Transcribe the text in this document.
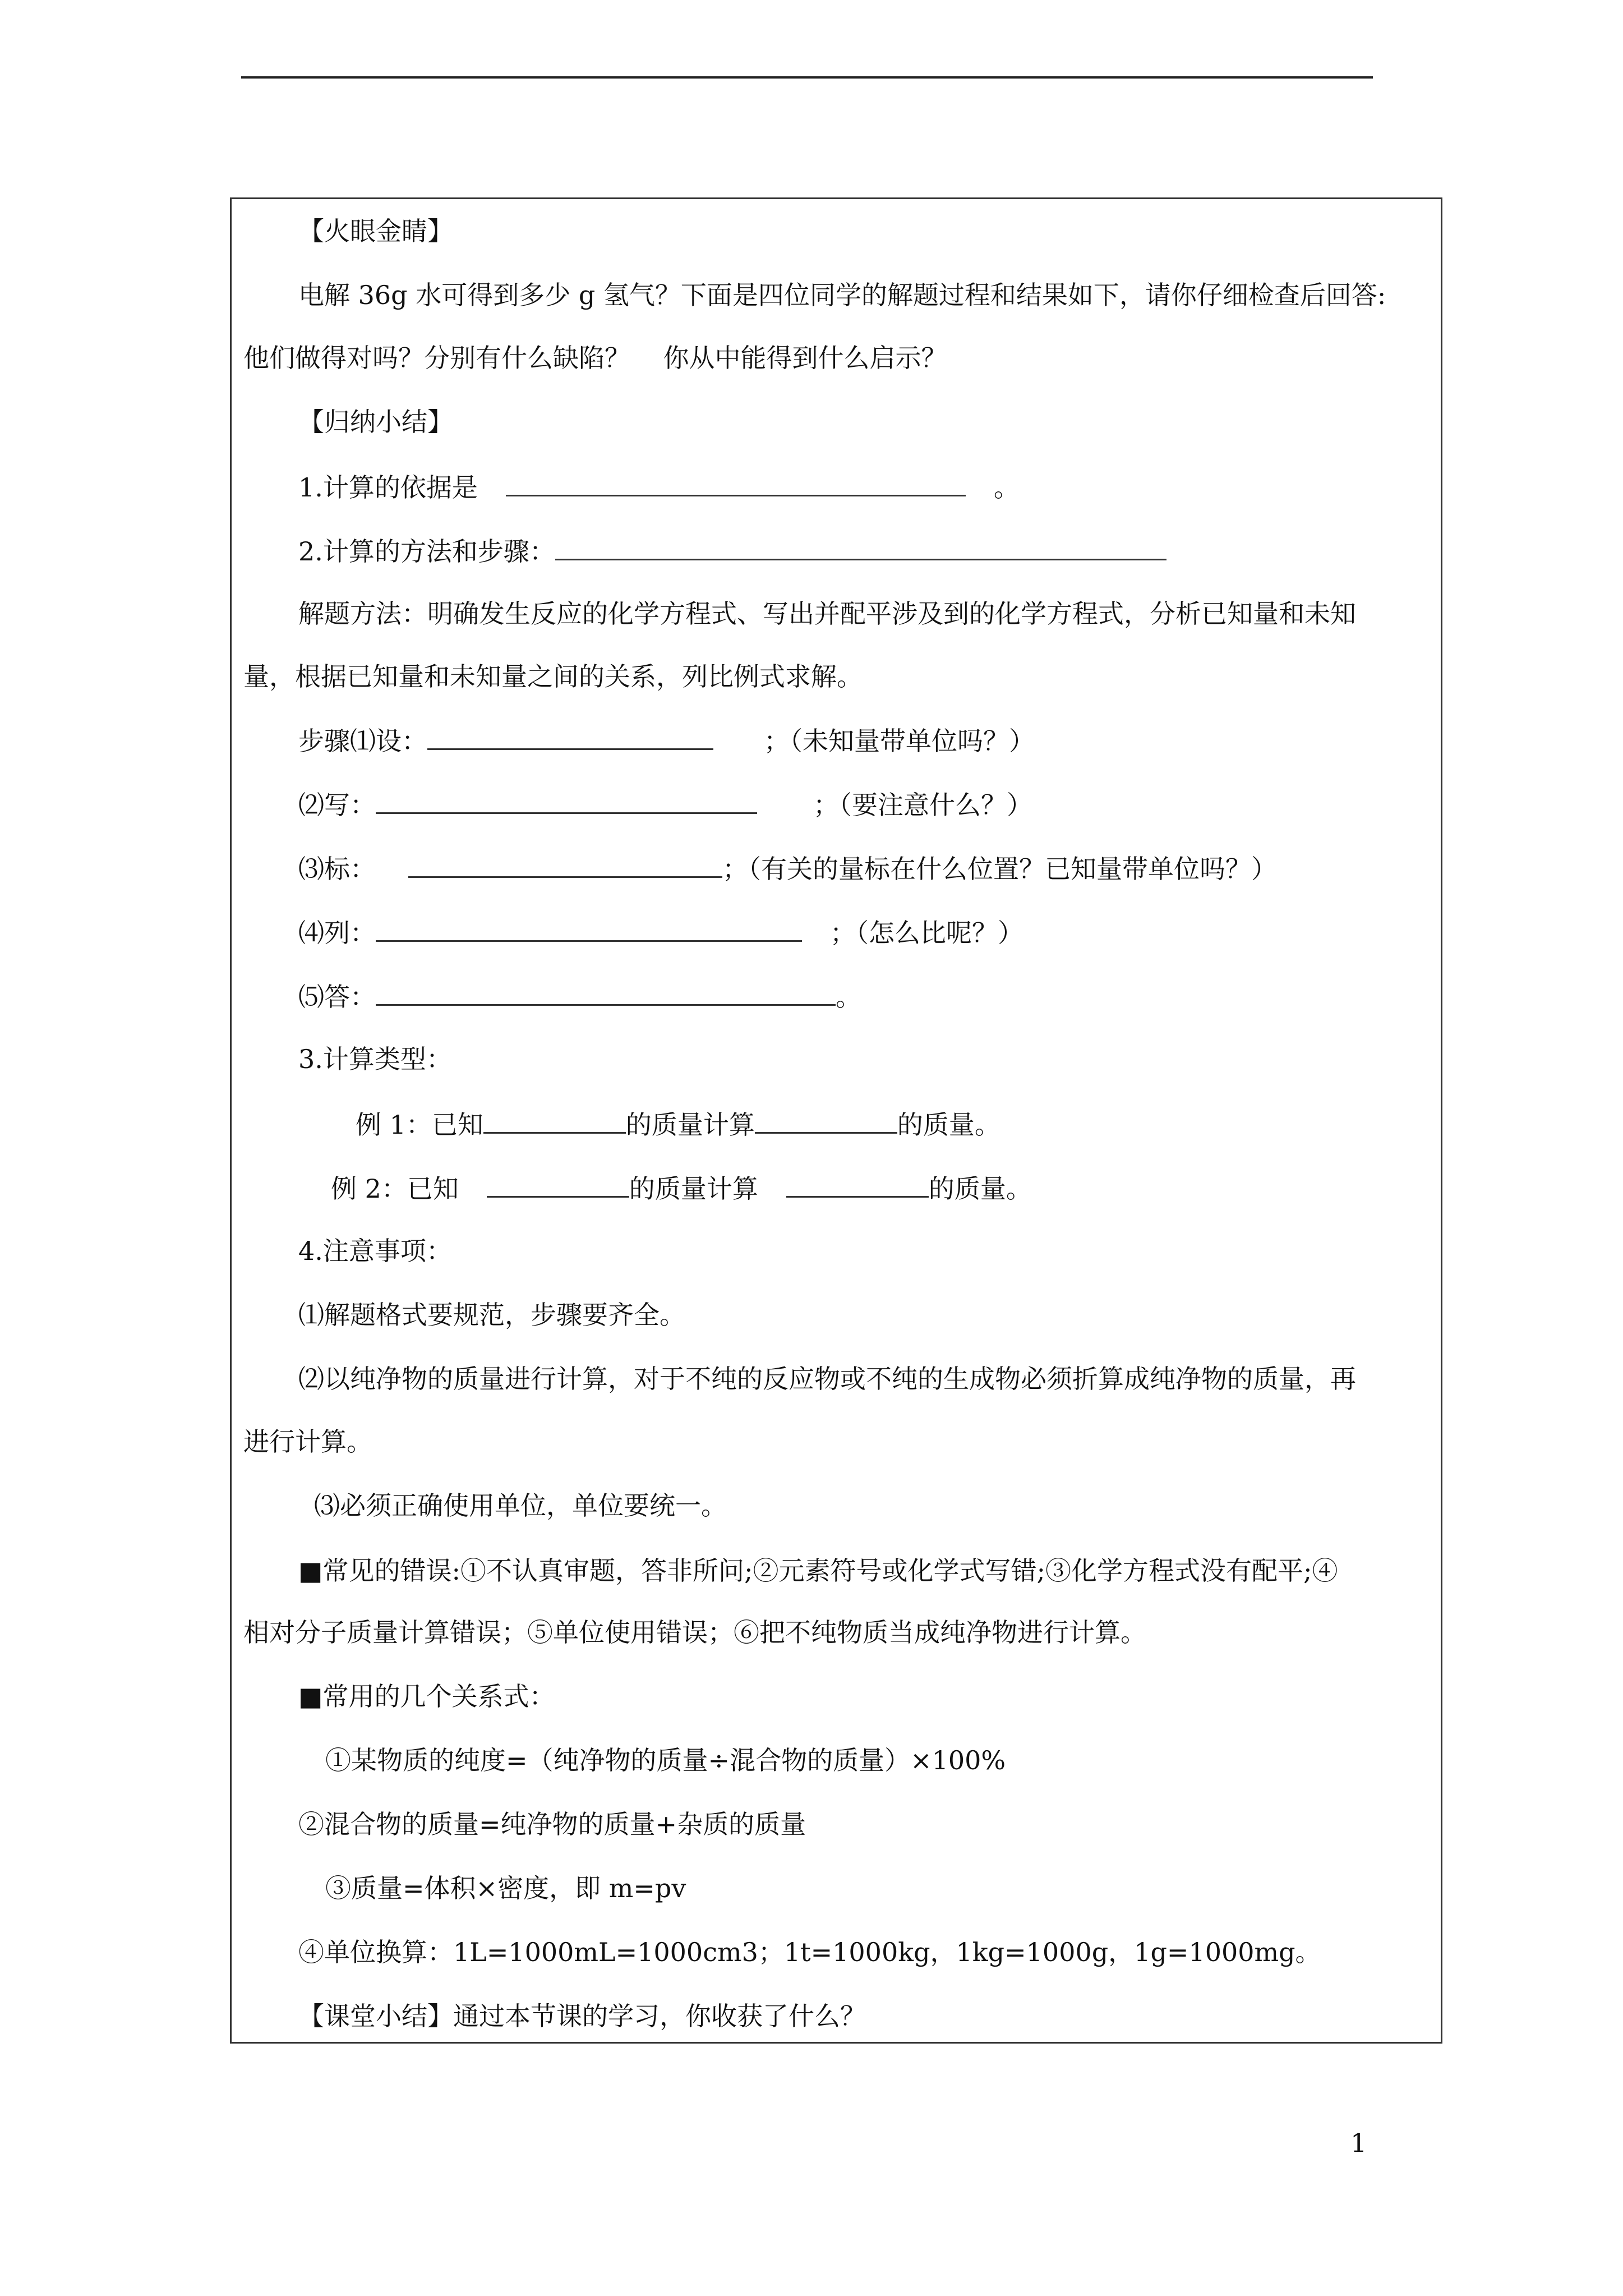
【火眼金睛】
电解 36g 水可得到多少 g 氢气？下面是四位同学的解题过程和结果如下，请你仔细检查后回答:
他们做得对吗？分别有什么缺陷？    你从中能得到什么启示？
【归纳小结】
1.计算的依据是	。
2.计算的方法和步骤：
解题方法：明确发生反应的化学方程式、写出并配平涉及到的化学方程式，分析已知量和未知
量，根据已知量和未知量之间的关系，列比例式求解。
步骤⑴设：	；（未知量带单位吗？）
⑵写：	；（要注意什么？）
⑶标：	；（有关的量标在什么位置？已知量带单位吗？）
⑷列：	；（怎么比呢？）
⑸答：	。
3.计算类型：
例 1：已知	的质量计算	的质量。
例 2：已知	的质量计算	的质量。
4.注意事项：
⑴解题格式要规范，步骤要齐全。
⑵以纯净物的质量进行计算，对于不纯的反应物或不纯的生成物必须折算成纯净物的质量，再
进行计算。
⑶必须正确使用单位，单位要统一。
■常见的错误:①不认真审题，答非所问;②元素符号或化学式写错;③化学方程式没有配平;④
相对分子质量计算错误；⑤单位使用错误；⑥把不纯物质当成纯净物进行计算。
■常用的几个关系式：
①某物质的纯度=（纯净物的质量÷混合物的质量）×100%
②混合物的质量=纯净物的质量+杂质的质量
③质量=体积×密度，即 m=pv
④单位换算：1L=1000mL=1000cm3；1t=1000kg，1kg=1000g，1g=1000mg。
【课堂小结】通过本节课的学习，你收获了什么？
1
